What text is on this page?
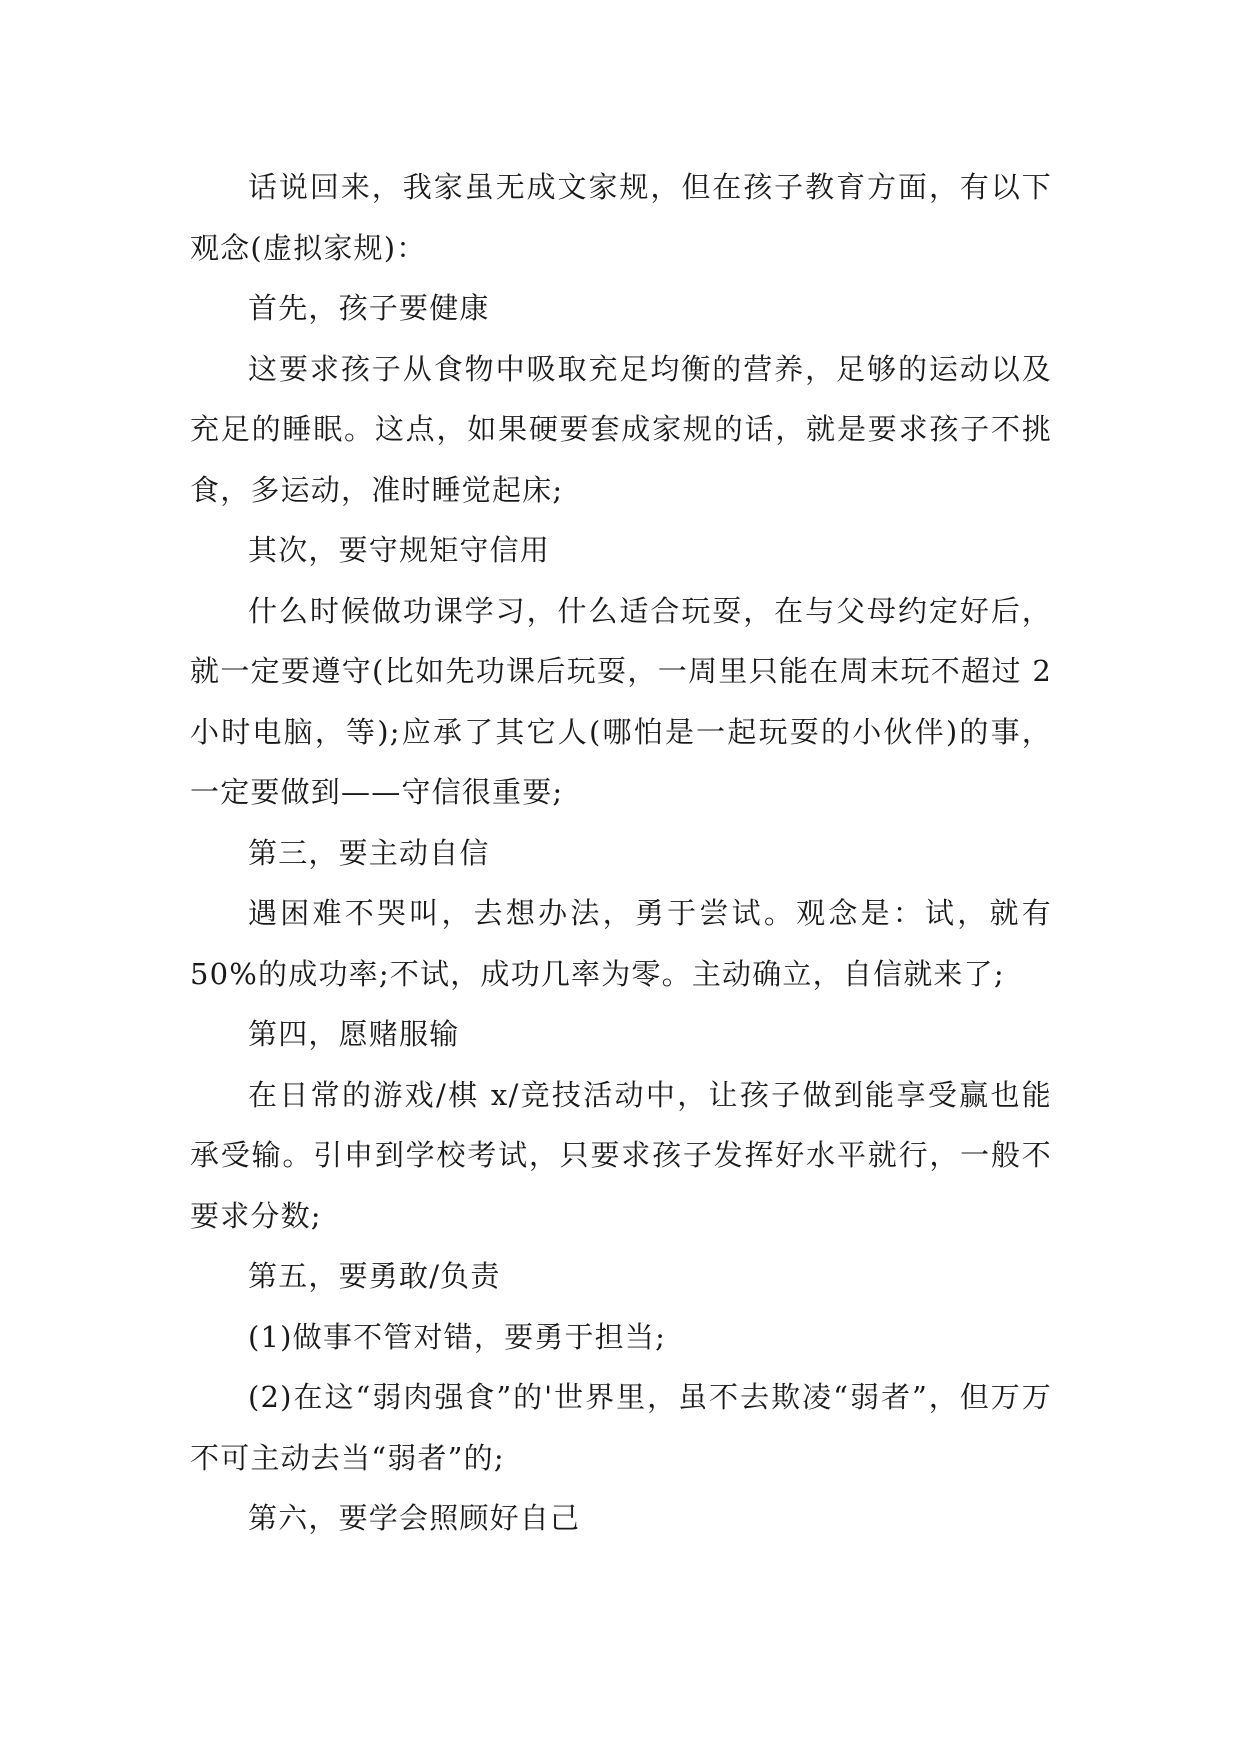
话说回来，我家虽无成文家规，但在孩子教育方面，有以下观念(虚拟家规)：

首先，孩子要健康

这要求孩子从食物中吸取充足均衡的营养，足够的运动以及充足的睡眠。这点，如果硬要套成家规的话，就是要求孩子不挑食，多运动，准时睡觉起床;

其次，要守规矩守信用

什么时候做功课学习，什么适合玩耍，在与父母约定好后，就一定要遵守(比如先功课后玩耍，一周里只能在周末玩不超过 2 小时电脑，等);应承了其它人(哪怕是一起玩耍的小伙伴)的事，一定要做到——守信很重要;

第三，要主动自信

遇困难不哭叫，去想办法，勇于尝试。观念是：试，就有 50%的成功率;不试，成功几率为零。主动确立，自信就来了;

第四，愿赌服输

在日常的游戏/棋 x/竞技活动中，让孩子做到能享受赢也能承受输。引申到学校考试，只要求孩子发挥好水平就行，一般不要求分数;

第五，要勇敢/负责

(1)做事不管对错，要勇于担当;

(2)在这“弱肉强食”的'世界里，虽不去欺凌“弱者”，但万万不可主动去当“弱者”的;

第六，要学会照顾好自己
